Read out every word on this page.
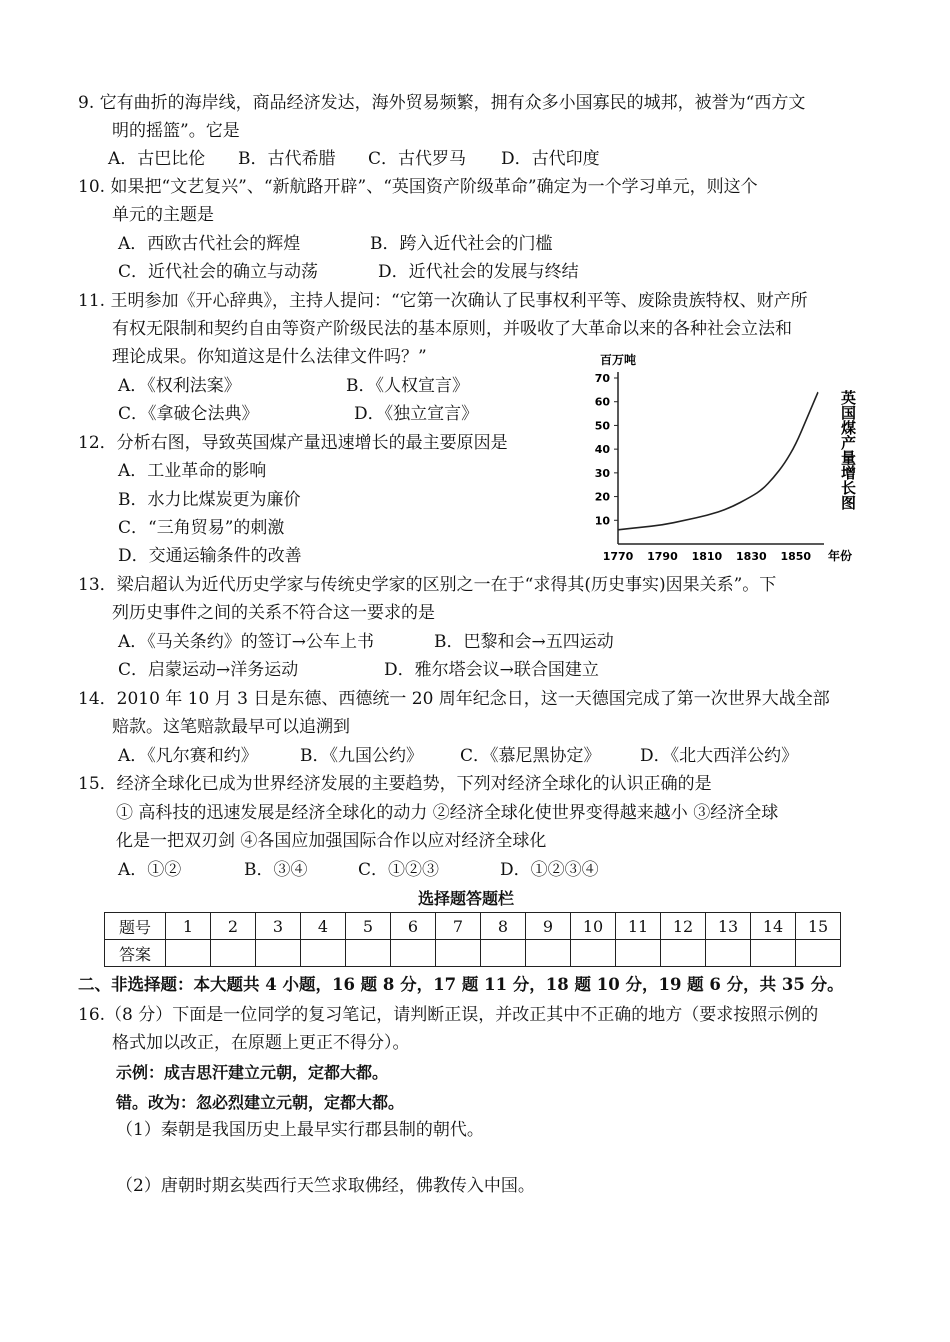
9. 它有曲折的海岸线，商品经济发达，海外贸易频繁，拥有众多小国寡民的城邦，被誉为“西方文
明的摇篮”。它是
A．古巴比伦 B．古代希腊 C．古代罗马 D．古代印度
10. 如果把“文艺复兴”、“新航路开辟”、“英国资产阶级革命”确定为一个学习单元，则这个
单元的主题是
A．西欧古代社会的辉煌	B．跨入近代社会的门槛
C．近代社会的确立与动荡	D．近代社会的发展与终结
11. 王明参加《开心辞典》，主持人提问：“它第一次确认了民事权利平等、废除贵族特权、财产所
有权无限制和契约自由等资产阶级民法的基本原则，并吸收了大革命以来的各种社会立法和
理论成果。你知道这是什么法律文件吗？”
A．《权利法案》	B．《人权宣言》
C．《拿破仑法典》	D．《独立宣言》
12．分析右图，导致英国煤产量迅速增长的最主要原因是
A．工业革命的影响
B．水力比煤炭更为廉价
C．“三角贸易”的刺激
D．交通运输条件的改善
百万吨
10
20
30
40
50
60
70
1770 1790 1810 1830 1850 年份
英国煤产量增长图
13．梁启超认为近代历史学家与传统史学家的区别之一在于“求得其(历史事实)因果关系”。下
列历史事件之间的关系不符合这一要求的是
A．《马关条约》的签订→公车上书	B．巴黎和会→五四运动
C．启蒙运动→洋务运动	D．雅尔塔会议→联合国建立
14．2010 年 10 月 3 日是东德、西德统一 20 周年纪念日，这一天德国完成了第一次世界大战全部
赔款。这笔赔款最早可以追溯到
A．《凡尔赛和约》 B．《九国公约》 C．《慕尼黑协定》 D．《北大西洋公约》
15．经济全球化已成为世界经济发展的主要趋势，下列对经济全球化的认识正确的是
① 高科技的迅速发展是经济全球化的动力 ②经济全球化使世界变得越来越小 ③经济全球
化是一把双刃剑 ④各国应加强国际合作以应对经济全球化
A．①②	B．③④	C．①②③	D．①②③④
选择题答题栏
题号	1	2	3	4	5	6	7	8	9	10	11	12	13	14	15
答案															
二、非选择题：本大题共 4 小题，16 题 8 分，17 题 11 分，18 题 10 分，19 题 6 分，共 35 分。
16.（8 分）下面是一位同学的复习笔记，请判断正误，并改正其中不正确的地方（要求按照示例的
格式加以改正，在原题上更正不得分）。
示例：成吉思汗建立元朝，定都大都。
错。改为：忽必烈建立元朝，定都大都。
（1）秦朝是我国历史上最早实行郡县制的朝代。
（2）唐朝时期玄奘西行天竺求取佛经，佛教传入中国。
